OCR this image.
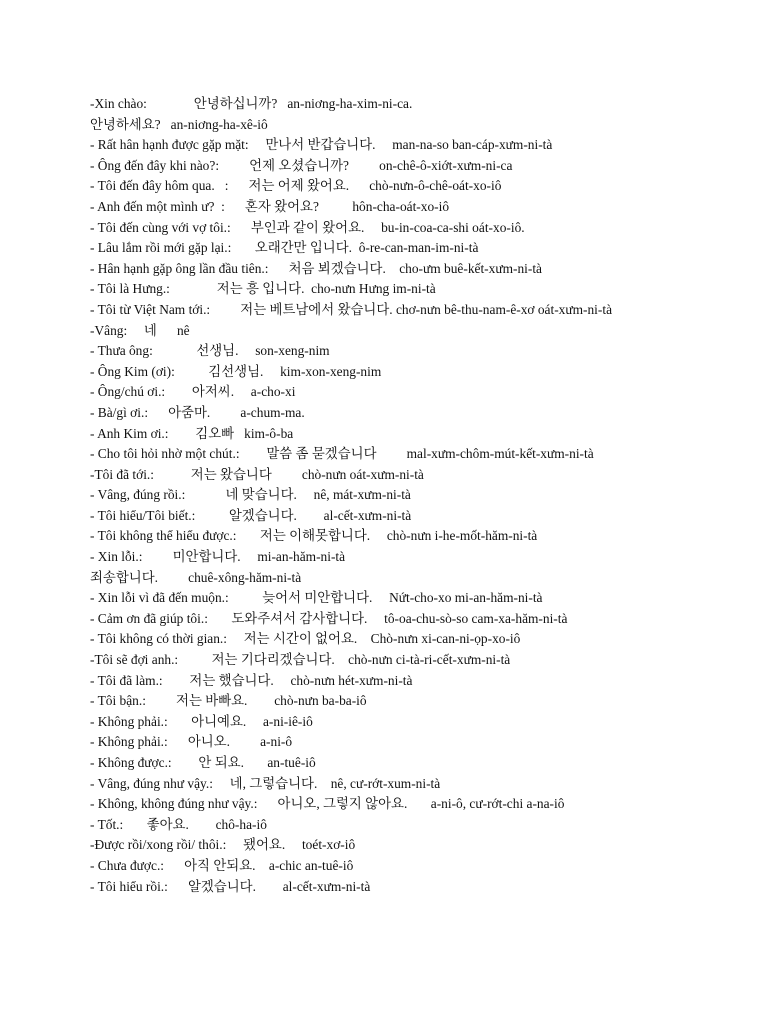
-Xin chào:              안녕하십니까?   an-niơng-ha-xim-ni-ca.
안녕하세요?   an-niơng-ha-xê-iô
- Rất hân hạnh được gặp mặt:     만나서 반갑습니다.     man-na-so ban-cáp-xưm-ni-tà
- Ông đến đây khi nào?:         언제 오셨습니까?         on-chê-ô-xiớt-xưm-ni-ca
- Tôi đến đây hôm qua.   :      저는 어제 왔어요.      chò-nưn-ô-chê-oát-xo-iô
- Anh đến một mình ư?  :      혼자 왔어요?          hôn-cha-oát-xo-iô
- Tôi đến cùng với vợ tôi.:      부인과 같이 왔어요.     bu-in-coa-ca-shi oát-xo-iô.
- Lâu lắm rồi mới gặp lại.:       오래간만 입니다.  ô-re-can-man-im-ni-tà
- Hân hạnh gặp ông lần đầu tiên.:      처음 뵈겠습니다.    cho-ưm buê-kết-xưm-ni-tà
- Tôi là Hưng.:              저는 흥 입니다.  cho-nưn Hưng im-ni-tà
- Tôi từ Việt Nam tới.:         저는 베트남에서 왔습니다. chơ-nưn bê-thu-nam-ê-xơ oát-xưm-ni-tà
-Vâng:     네      nê
- Thưa ông:             선생님.     son-xeng-nim
- Ông Kim (ơi):          김선생님.     kim-xon-xeng-nim
- Ông/chú ơi.:        아저씨.     a-cho-xi
- Bà/gì ơi.:      아줌마.         a-chum-ma.
- Anh Kim ơi.:        김오빠   kim-ô-ba
- Cho tôi hỏi nhờ một chút.:        말씀 좀 묻겠습니다         mal-xưm-chôm-mút-kết-xưm-ni-tà
-Tôi đã tới.:           저는 왔습니다         chò-nưn oát-xưm-ni-tà
- Vâng, đúng rồi.:            네 맞습니다.     nê, mát-xưm-ni-tà
- Tôi hiểu/Tôi biết.:          알겠습니다.        al-cết-xưm-ni-tà
- Tôi không thể hiểu được.:       저는 이해못합니다.     chò-nưn i-he-mốt-hăm-ni-tà
- Xin lỗi.:         미안합니다.     mi-an-hăm-ni-tà
죄송합니다.         chuê-xông-hăm-ni-tà
- Xin lỗi vì đã đến muộn.:          늦어서 미안합니다.     Nứt-cho-xo mi-an-hăm-ni-tà
- Cảm ơn đã giúp tôi.:       도와주셔서 감사합니다.     tô-oa-chu-sò-so cam-xa-hăm-ni-tà
- Tôi không có thời gian.:     저는 시간이 없어요.    Chò-nưn xi-can-ni-ọp-xo-iô
-Tôi sẽ đợi anh.:          저는 기다리겠습니다.    chò-nưn ci-tà-ri-cết-xưm-ni-tà
- Tôi đã làm.:        저는 했습니다.     chò-nưn hét-xưm-ni-tà
- Tôi bận.:         저는 바빠요.        chò-nưn ba-ba-iô
- Không phải.:       아니예요.     a-ni-iê-iô
- Không phải.:      아니오.         a-ni-ô
- Không được.:        안 되요.       an-tuê-iô
- Vâng, đúng như vậy.:     네, 그렇습니다.    nê, cư-rớt-xum-ni-tà
- Không, không đúng như vậy.:      아니오, 그렇지 않아요.       a-ni-ô, cư-rớt-chi a-na-iô
- Tốt.:       좋아요.        chô-ha-iô
-Được rồi/xong rồi/ thôi.:     됐어요.     toét-xơ-iô
- Chưa được.:      아직 안되요.    a-chic an-tuê-iô
- Tôi hiểu rồi.:      알겠습니다.        al-cết-xưm-ni-tà
